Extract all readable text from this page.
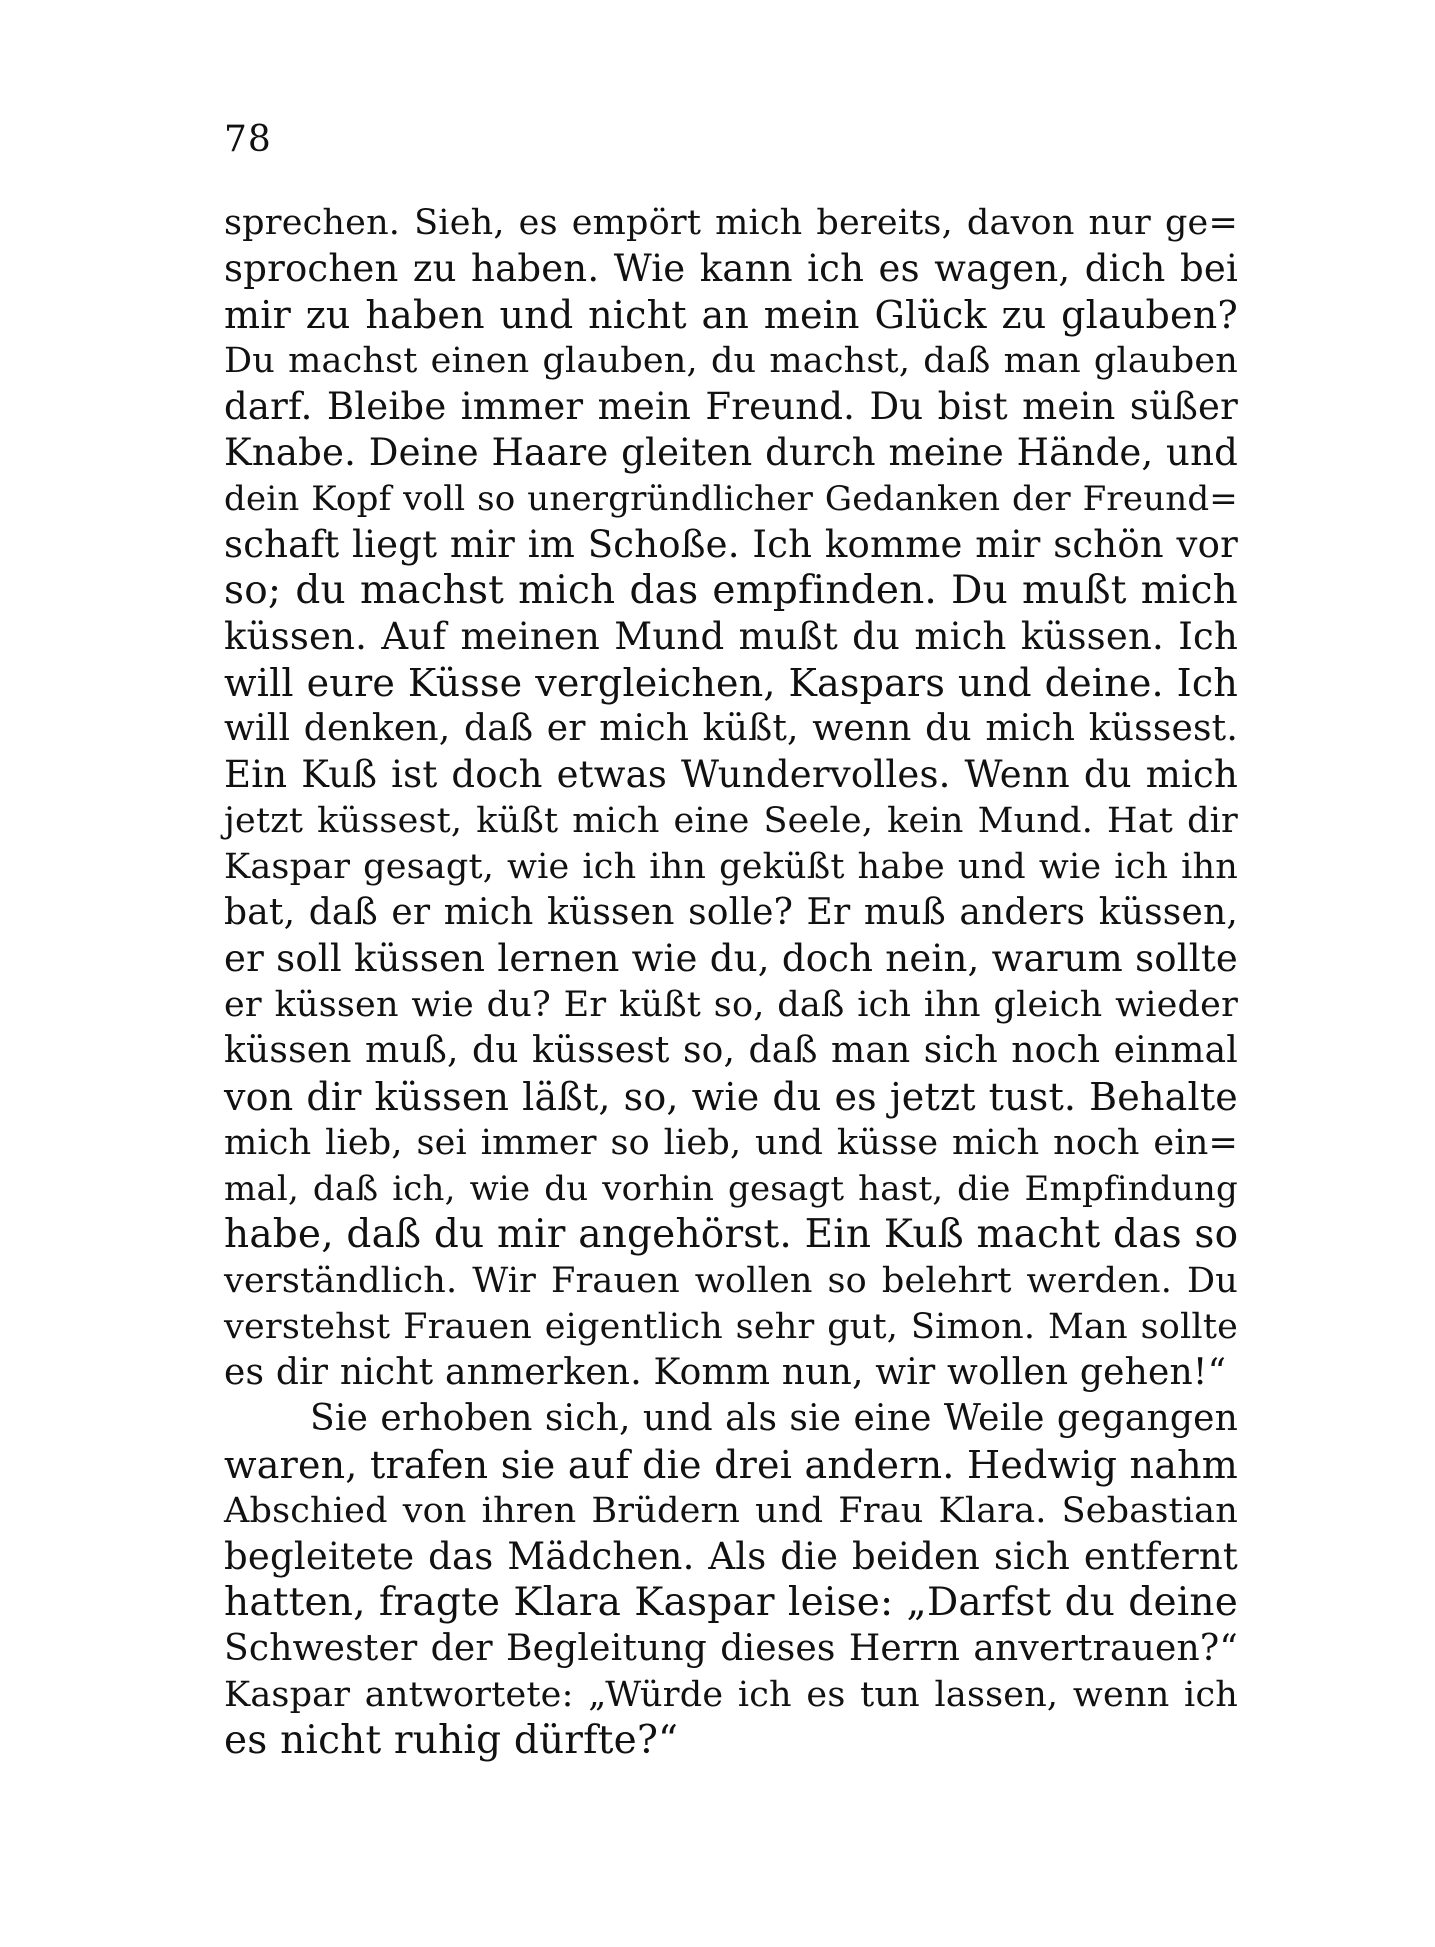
78
sprechen. Sieh, es empört mich bereits, davon nur ge=
sprochen zu haben. Wie kann ich es wagen, dich bei
mir zu haben und nicht an mein Glück zu glauben?
Du machst einen glauben, du machst, daß man glauben
darf. Bleibe immer mein Freund. Du bist mein süßer
Knabe. Deine Haare gleiten durch meine Hände, und
dein Kopf voll so unergründlicher Gedanken der Freund=
schaft liegt mir im Schoße. Ich komme mir schön vor
so; du machst mich das empfinden. Du mußt mich
küssen. Auf meinen Mund mußt du mich küssen. Ich
will eure Küsse vergleichen, Kaspars und deine. Ich
will denken, daß er mich küßt, wenn du mich küssest.
Ein Kuß ist doch etwas Wundervolles. Wenn du mich
jetzt küssest, küßt mich eine Seele, kein Mund. Hat dir
Kaspar gesagt, wie ich ihn geküßt habe und wie ich ihn
bat, daß er mich küssen solle? Er muß anders küssen,
er soll küssen lernen wie du, doch nein, warum sollte
er küssen wie du? Er küßt so, daß ich ihn gleich wieder
küssen muß, du küssest so, daß man sich noch einmal
von dir küssen läßt, so, wie du es jetzt tust. Behalte
mich lieb, sei immer so lieb, und küsse mich noch ein=
mal, daß ich, wie du vorhin gesagt hast, die Empfindung
habe, daß du mir angehörst. Ein Kuß macht das so
verständlich. Wir Frauen wollen so belehrt werden. Du
verstehst Frauen eigentlich sehr gut, Simon. Man sollte
es dir nicht anmerken. Komm nun, wir wollen gehen!“
Sie erhoben sich, und als sie eine Weile gegangen
waren, trafen sie auf die drei andern. Hedwig nahm
Abschied von ihren Brüdern und Frau Klara. Sebastian
begleitete das Mädchen. Als die beiden sich entfernt
hatten, fragte Klara Kaspar leise: „Darfst du deine
Schwester der Begleitung dieses Herrn anvertrauen?“
Kaspar antwortete: „Würde ich es tun lassen, wenn ich
es nicht ruhig dürfte?“
